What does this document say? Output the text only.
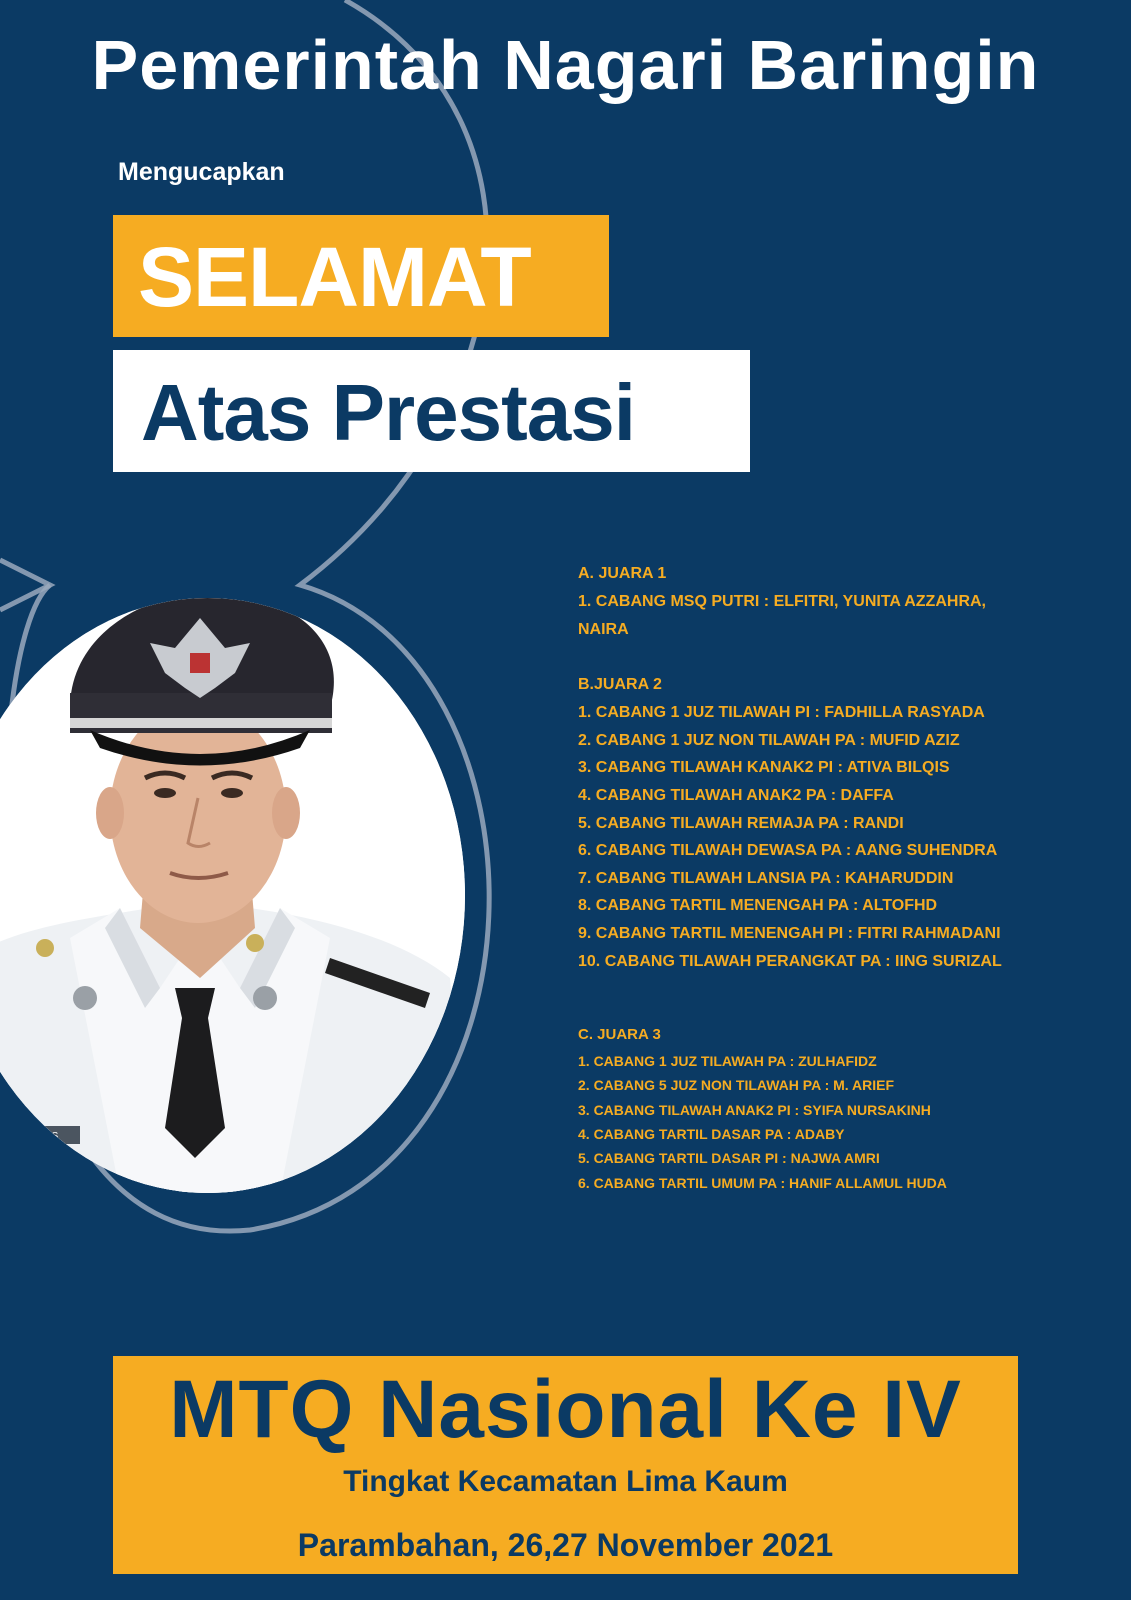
Pemerintah Nagari Baringin
Mengucapkan
SELAMAT
Atas Prestasi
IDRIS
A. JUARA 1
1. CABANG MSQ PUTRI : ELFITRI, YUNITA AZZAHRA,
NAIRA
B.JUARA 2
1. CABANG 1 JUZ TILAWAH PI : FADHILLA RASYADA
2. CABANG 1 JUZ NON TILAWAH PA : MUFID AZIZ
3. CABANG TILAWAH KANAK2 PI : ATIVA BILQIS
4. CABANG TILAWAH ANAK2 PA : DAFFA
5. CABANG TILAWAH REMAJA PA : RANDI
6. CABANG TILAWAH DEWASA PA : AANG SUHENDRA
7. CABANG TILAWAH LANSIA PA : KAHARUDDIN
8. CABANG TARTIL MENENGAH PA : ALTOFHD
9. CABANG TARTIL MENENGAH PI : FITRI RAHMADANI
10. CABANG TILAWAH PERANGKAT PA : IING SURIZAL
C. JUARA 3
1. CABANG 1 JUZ TILAWAH PA : ZULHAFIDZ
2. CABANG 5 JUZ NON TILAWAH PA : M. ARIEF
3. CABANG TILAWAH ANAK2 PI : SYIFA NURSAKINH
4. CABANG TARTIL DASAR PA : ADABY
5. CABANG TARTIL DASAR PI : NAJWA AMRI
6. CABANG TARTIL UMUM PA : HANIF ALLAMUL HUDA
MTQ Nasional Ke IV
Tingkat Kecamatan Lima Kaum
Parambahan, 26,27 November 2021
